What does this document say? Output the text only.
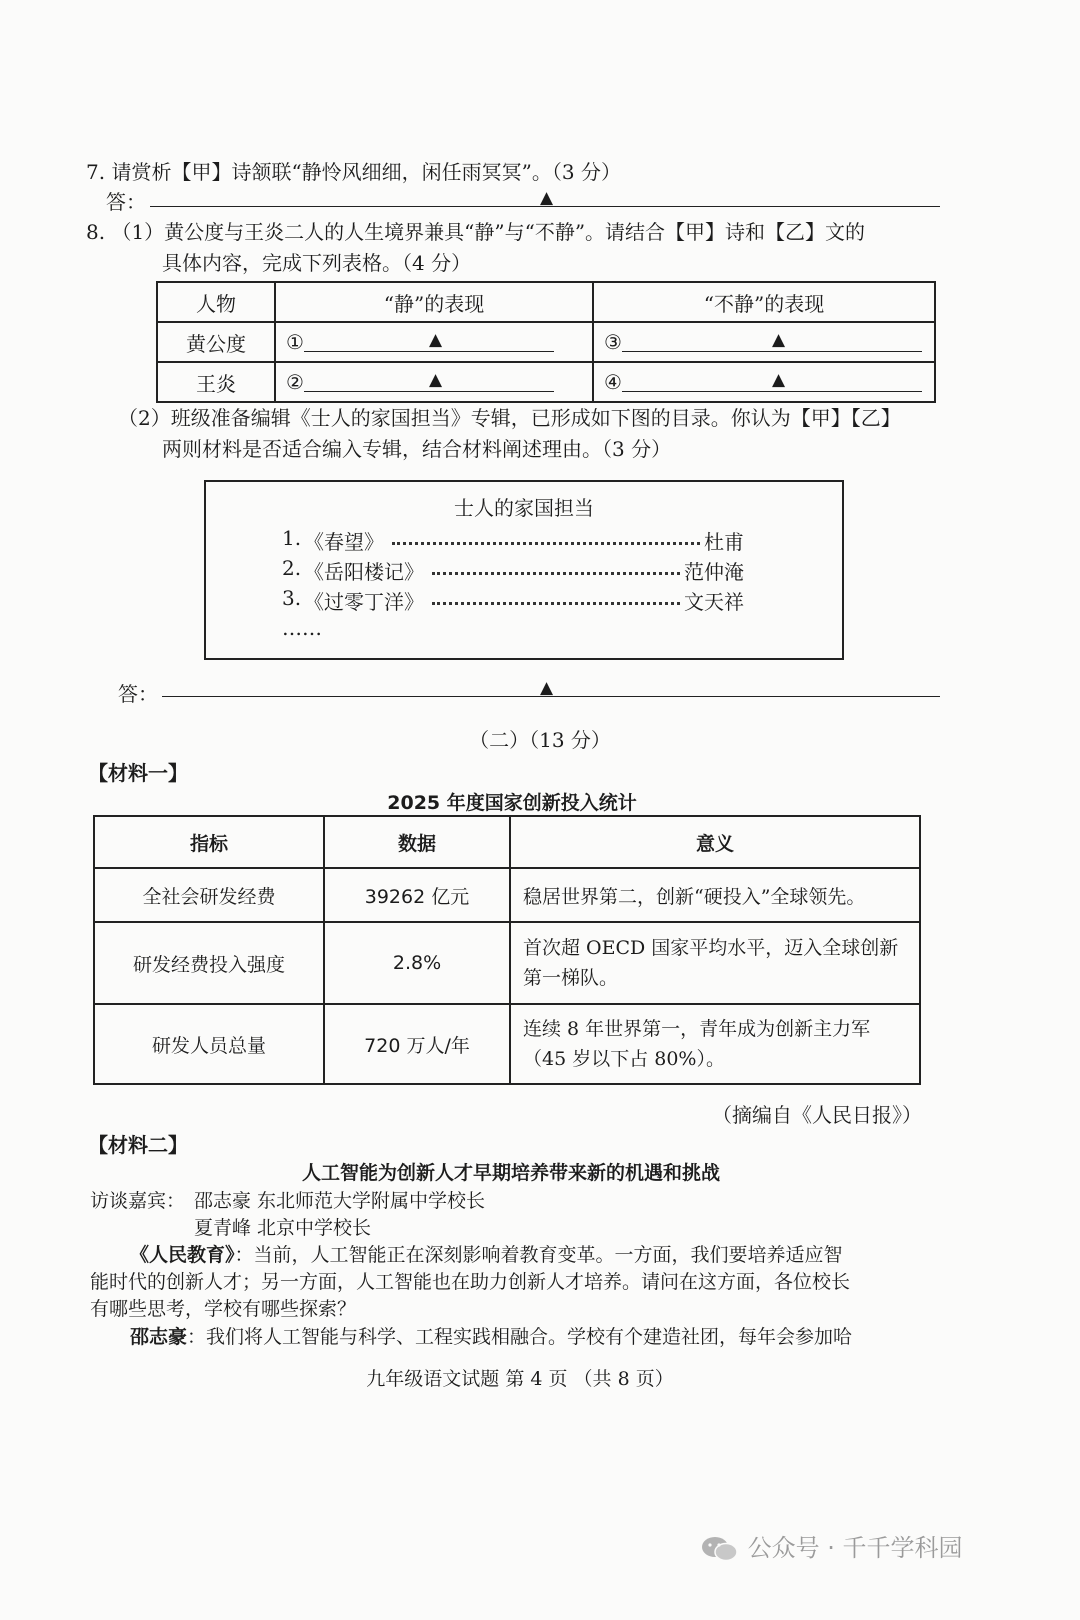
7. 请赏析【甲】诗颔联“静怜风细细，闲任雨冥冥”。（3 分）
答：	▲
8. （1）黄公度与王炎二人的人生境界兼具“静”与“不静”。请结合【甲】诗和【乙】文的
具体内容，完成下列表格。（4 分）
人物	“静”的表现	“不静”的表现
黄公度	① ▲	③ ▲

王炎	② ▲	④ ▲
（2）班级准备编辑《士人的家国担当》专辑，已形成如下图的目录。你认为【甲】【乙】
两则材料是否适合编入专辑，结合材料阐述理由。（3 分）
士人的家国担当
1. 《春望》	杜甫
2. 《岳阳楼记》	范仲淹
3. 《过零丁洋》	文天祥
……
答：	▲
（二）（13 分）
【材料一】
2025 年度国家创新投入统计
指标	数据	意义
全社会研发经费	39262 亿元	稳居世界第二，创新“硬投入”全球领先。

研发经费投入强度	2.8%	首次超 OECD 国家平均水平，迈入全球创新
第一梯队。

研发人员总量	720 万人/年	连续 8 年世界第一，青年成为创新主力军
（45 岁以下占 80%）。
（摘编自《人民日报》）
【材料二】
人工智能为创新人才早期培养带来新的机遇和挑战
访谈嘉宾： 邵志豪 东北师范大学附属中学校长
夏青峰 北京中学校长
《人民教育》：当前，人工智能正在深刻影响着教育变革。一方面，我们要培养适应智
能时代的创新人才；另一方面，人工智能也在助力创新人才培养。请问在这方面，各位校长
有哪些思考，学校有哪些探索？
邵志豪：我们将人工智能与科学、工程实践相融合。学校有个建造社团，每年会参加哈
九年级语文试题 第 4 页 （共 8 页）
公众号 · 千千学科园
